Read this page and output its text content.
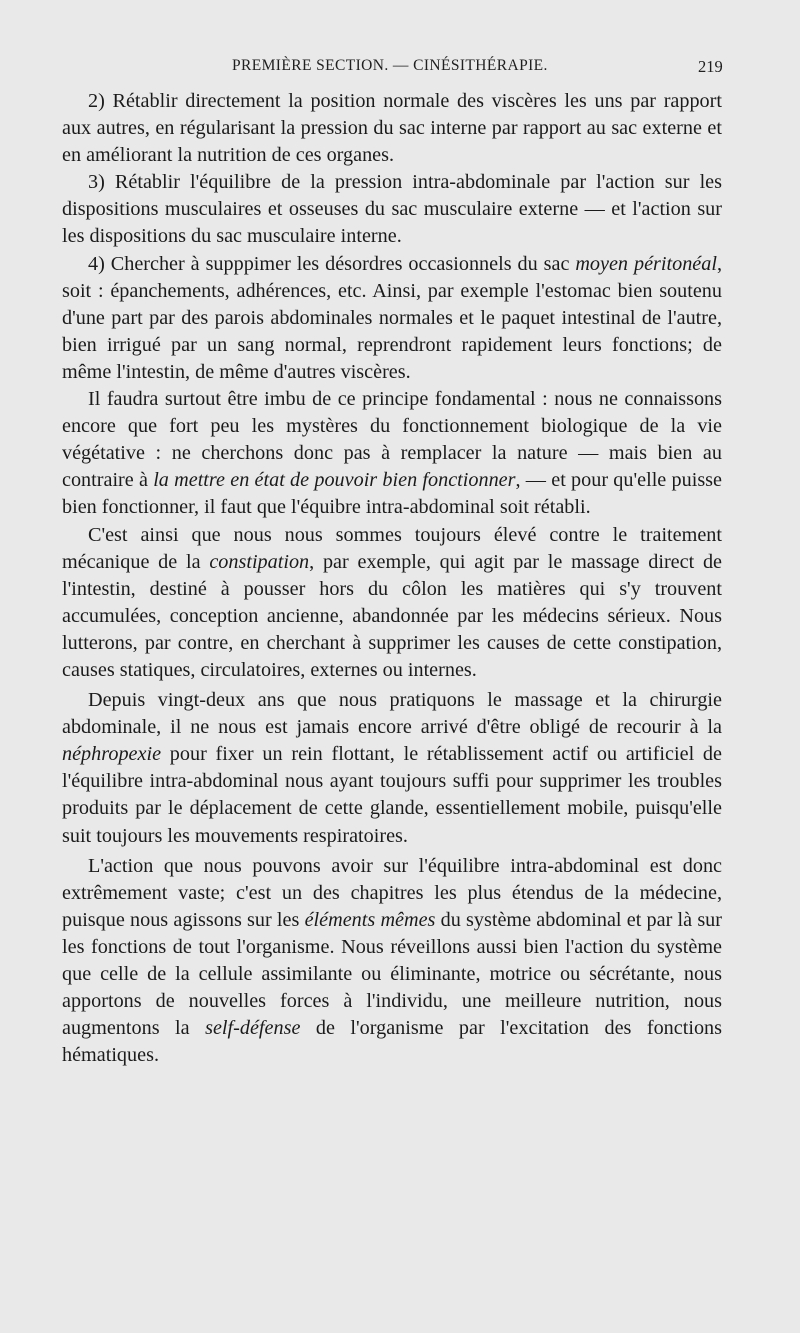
PREMIÈRE SECTION. — CINÉSITHÉRAPIE.	219

2) Rétablir directement la position normale des viscères les uns par rapport aux autres, en régularisant la pression du sac interne par rapport au sac externe et en améliorant la nutrition de ces organes.

3) Rétablir l'équilibre de la pression intra-abdominale par l'action sur les dispositions musculaires et osseuses du sac musculaire externe — et l'action sur les dispositions du sac musculaire interne.

4) Chercher à supppimer les désordres occasionnels du sac moyen péritonéal, soit : épanchements, adhérences, etc. Ainsi, par exemple l'estomac bien soutenu d'une part par des parois abdominales normales et le paquet intestinal de l'autre, bien irrigué par un sang normal, reprendront rapidement leurs fonctions; de même l'intestin, de même d'autres viscères.

Il faudra surtout être imbu de ce principe fondamental : nous ne connaissons encore que fort peu les mystères du fonctionnement biologique de la vie végétative : ne cherchons donc pas à remplacer la nature — mais bien au contraire à la mettre en état de pouvoir bien fonctionner, — et pour qu'elle puisse bien fonctionner, il faut que l'équibre intra-abdominal soit rétabli.

C'est ainsi que nous nous sommes toujours élevé contre le traitement mécanique de la constipation, par exemple, qui agit par le massage direct de l'intestin, destiné à pousser hors du côlon les matières qui s'y trouvent accumulées, conception ancienne, abandonnée par les médecins sérieux. Nous lutterons, par contre, en cherchant à supprimer les causes de cette constipation, causes statiques, circulatoires, externes ou internes.

Depuis vingt-deux ans que nous pratiquons le massage et la chirurgie abdominale, il ne nous est jamais encore arrivé d'être obligé de recourir à la néphropexie pour fixer un rein flottant, le rétablissement actif ou artificiel de l'équilibre intra-abdominal nous ayant toujours suffi pour supprimer les troubles produits par le déplacement de cette glande, essentiellement mobile, puisqu'elle suit toujours les mouvements respiratoires.

L'action que nous pouvons avoir sur l'équilibre intra-abdominal est donc extrêmement vaste; c'est un des chapitres les plus étendus de la médecine, puisque nous agissons sur les éléments mêmes du système abdominal et par là sur les fonctions de tout l'organisme. Nous réveillons aussi bien l'action du système que celle de la cellule assimilante ou éliminante, motrice ou sécrétante, nous apportons de nouvelles forces à l'individu, une meilleure nutrition, nous augmentons la self-défense de l'organisme par l'excitation des fonctions hématiques.
